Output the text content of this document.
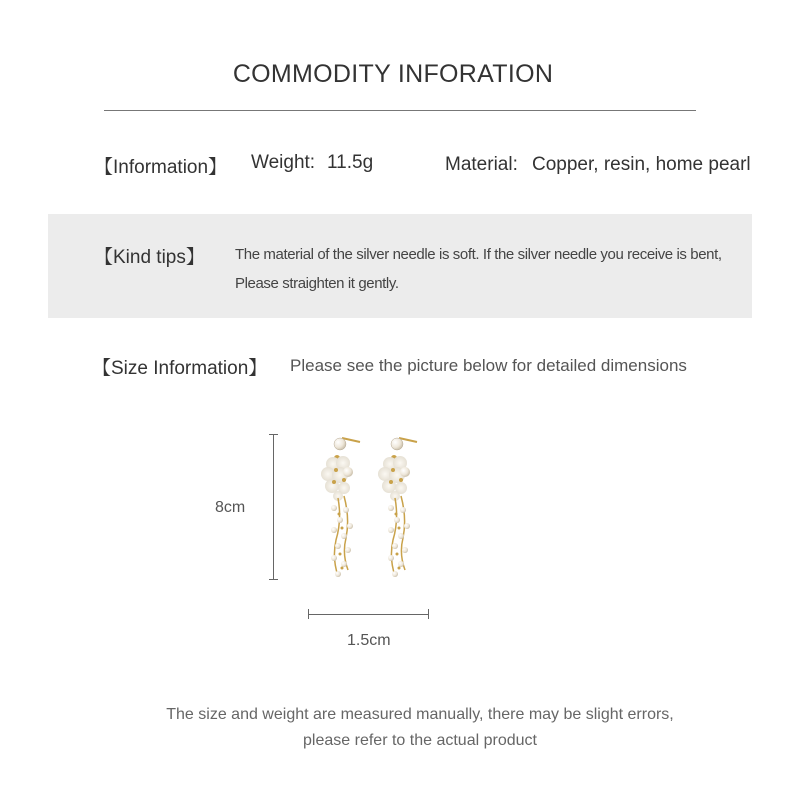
COMMODITY INFORATION
【Information】 Weight: 11.5g	Material: Copper, resin, home pearl
【Kind tips】 The material of the silver needle is soft. If the silver needle you receive is bent,
Please straighten it gently.
【Size Information】 Please see the picture below for detailed dimensions
8cm
1.5cm
The size and weight are measured manually, there may be slight errors,
please refer to the actual product
